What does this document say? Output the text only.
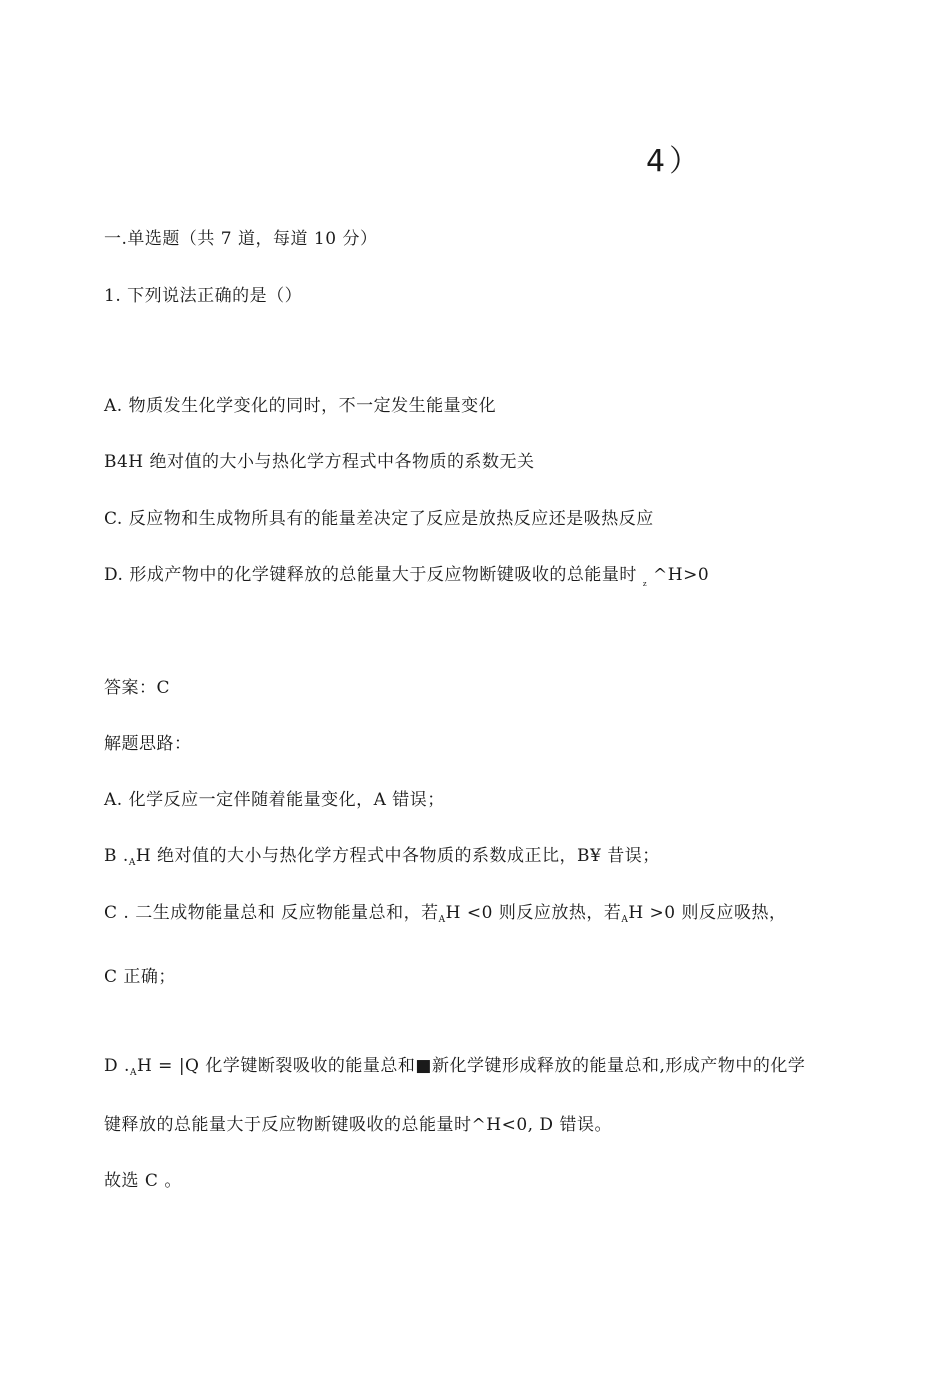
4）
一.单选题（共 7 道，每道 10 分）
1. 下列说法正确的是（）
A. 物质发生化学变化的同时，不一定发生能量变化
B4H 绝对值的大小与热化学方程式中各物质的系数无关
C. 反应物和生成物所具有的能量差决定了反应是放热反应还是吸热反应
D. 形成产物中的化学键释放的总能量大于反应物断键吸收的总能量时 $_z$ ^H>0
答案：C
解题思路：
A. 化学反应一定伴随着能量变化，A 错误；
B $._AH$ 绝对值的大小与热化学方程式中各物质的系数成正比，B¥ 昔误；
C . 二生成物能量总和 反应物能量总和，若$_A$H <0 则反应放热，若$_A$H >0 则反应吸热，
C 正确；
D $._AH = |Q$ 化学键断裂吸收的能量总和■新化学键形成释放的能量总和,形成产物中的化学
键释放的总能量大于反应物断键吸收的总能量时^H<0, D 错误。
故选 C 。
